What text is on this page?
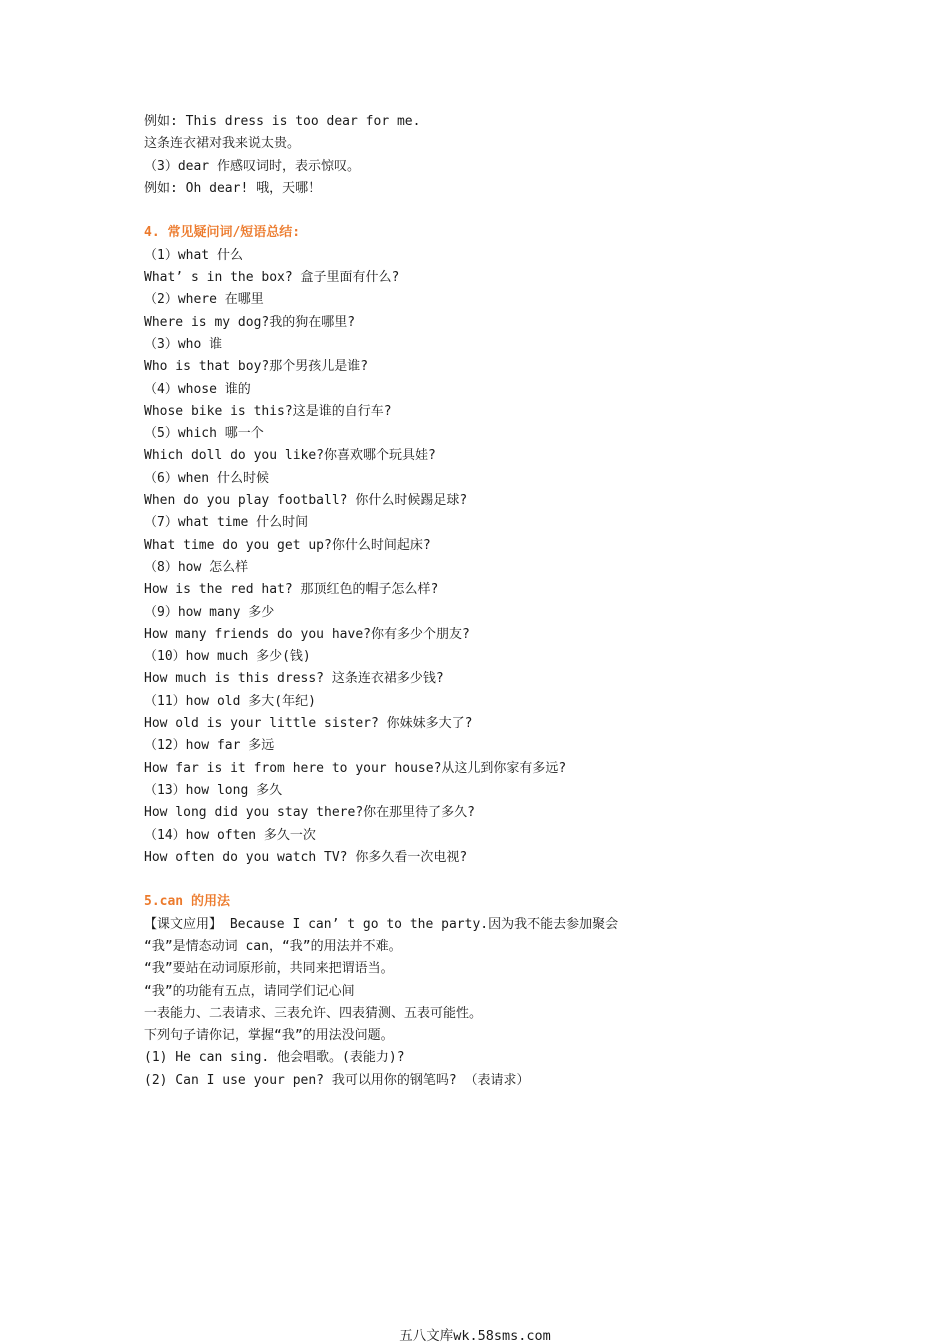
例如: This dress is too dear for me.
这条连衣裙对我来说太贵。
（3）dear 作感叹词时，表示惊叹。
例如: Oh dear! 哦，天哪！
4. 常见疑问词/短语总结:
（1）what 什么
What’ s in the box? 盒子里面有什么?
（2）where 在哪里
Where is my dog?我的狗在哪里?
（3）who 谁
Who is that boy?那个男孩儿是谁?
（4）whose 谁的
Whose bike is this?这是谁的自行车?
（5）which 哪一个
Which doll do you like?你喜欢哪个玩具娃?
（6）when 什么时候
When do you play football? 你什么时候踢足球?
（7）what time 什么时间
What time do you get up?你什么时间起床?
（8）how 怎么样
How is the red hat? 那顶红色的帽子怎么样?
（9）how many 多少
How many friends do you have?你有多少个朋友?
（10）how much 多少(钱)
How much is this dress? 这条连衣裙多少钱?
（11）how old 多大(年纪)
How old is your little sister? 你妹妹多大了?
（12）how far 多远
How far is it from here to your house?从这儿到你家有多远?
（13）how long 多久
How long did you stay there?你在那里待了多久?
（14）how often 多久一次
How often do you watch TV? 你多久看一次电视?
5.can 的用法
【课文应用】 Because I can’ t go to the party.因为我不能去参加聚会
“我”是情态动词 can，“我”的用法并不难。
“我”要站在动词原形前，共同来把谓语当。
“我”的功能有五点，请同学们记心间
一表能力、二表请求、三表允许、四表猜测、五表可能性。
下列句子请你记，掌握“我”的用法没问题。
(1) He can sing. 他会唱歌。(表能力)?
(2) Can I use your pen? 我可以用你的钢笔吗? （表请求）
五八文库wk.58sms.com
